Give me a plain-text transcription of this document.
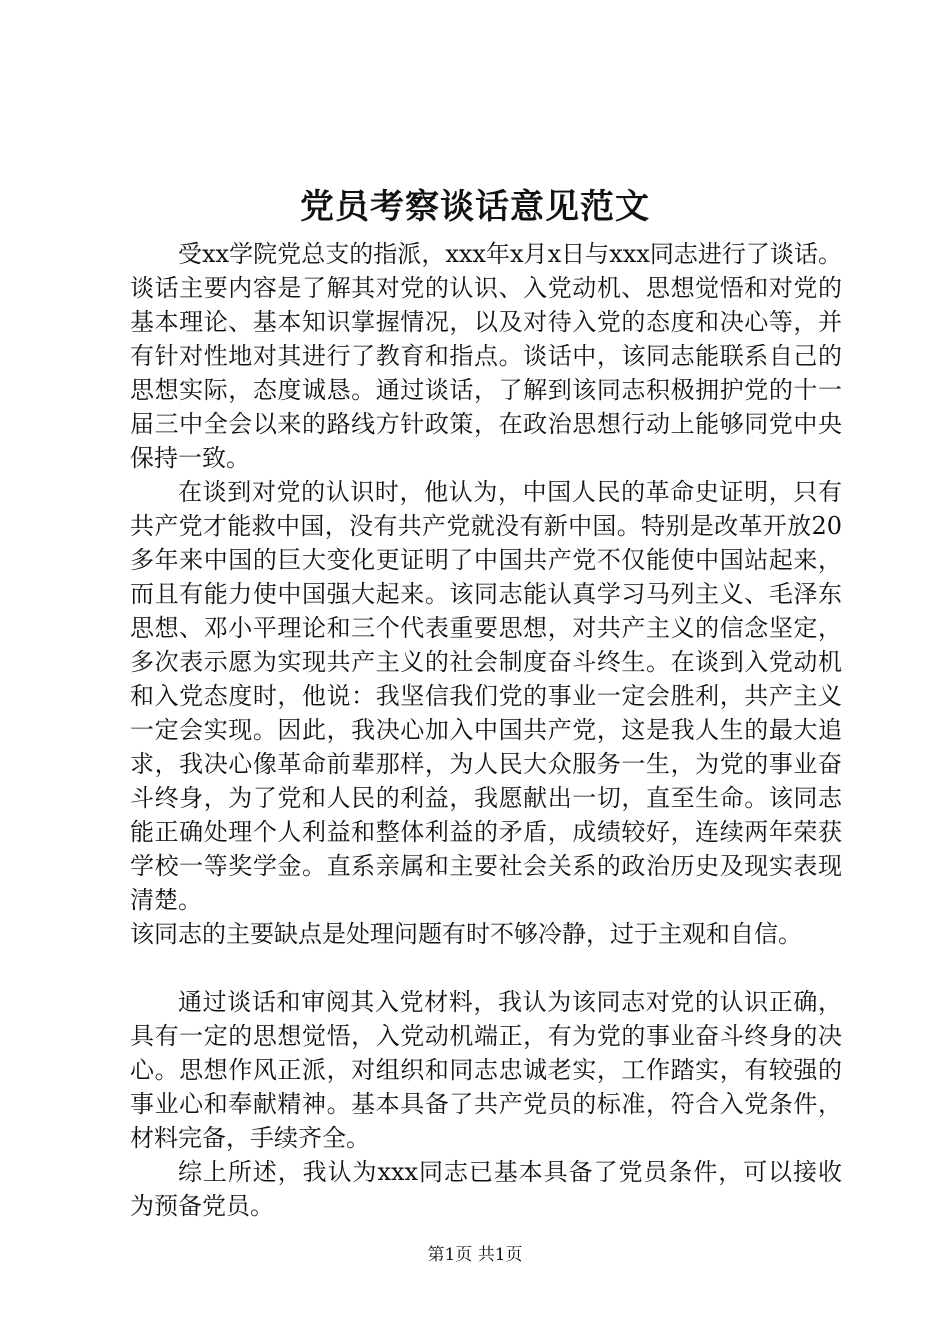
党员考察谈话意见范文

受xx学院党总支的指派，xxx年x月x日与xxx同志进行了谈话。谈话主要内容是了解其对党的认识、入党动机、思想觉悟和对党的基本理论、基本知识掌握情况，以及对待入党的态度和决心等，并有针对性地对其进行了教育和指点。谈话中，该同志能联系自己的思想实际，态度诚恳。通过谈话，了解到该同志积极拥护党的十一届三中全会以来的路线方针政策，在政治思想行动上能够同党中央保持一致。

在谈到对党的认识时，他认为，中国人民的革命史证明，只有共产党才能救中国，没有共产党就没有新中国。特别是改革开放20多年来中国的巨大变化更证明了中国共产党不仅能使中国站起来，而且有能力使中国强大起来。该同志能认真学习马列主义、毛泽东思想、邓小平理论和三个代表重要思想，对共产主义的信念坚定，多次表示愿为实现共产主义的社会制度奋斗终生。在谈到入党动机和入党态度时，他说：我坚信我们党的事业一定会胜利，共产主义一定会实现。因此，我决心加入中国共产党，这是我人生的最大追求，我决心像革命前辈那样，为人民大众服务一生，为党的事业奋斗终身，为了党和人民的利益，我愿献出一切，直至生命。该同志能正确处理个人利益和整体利益的矛盾，成绩较好，连续两年荣获学校一等奖学金。直系亲属和主要社会关系的政治历史及现实表现清楚。

该同志的主要缺点是处理问题有时不够冷静，过于主观和自信。

通过谈话和审阅其入党材料，我认为该同志对党的认识正确，具有一定的思想觉悟，入党动机端正，有为党的事业奋斗终身的决心。思想作风正派，对组织和同志忠诚老实，工作踏实，有较强的事业心和奉献精神。基本具备了共产党员的标准，符合入党条件，材料完备，手续齐全。

综上所述，我认为xxx同志已基本具备了党员条件，可以接收为预备党员。

第1页 共1页
